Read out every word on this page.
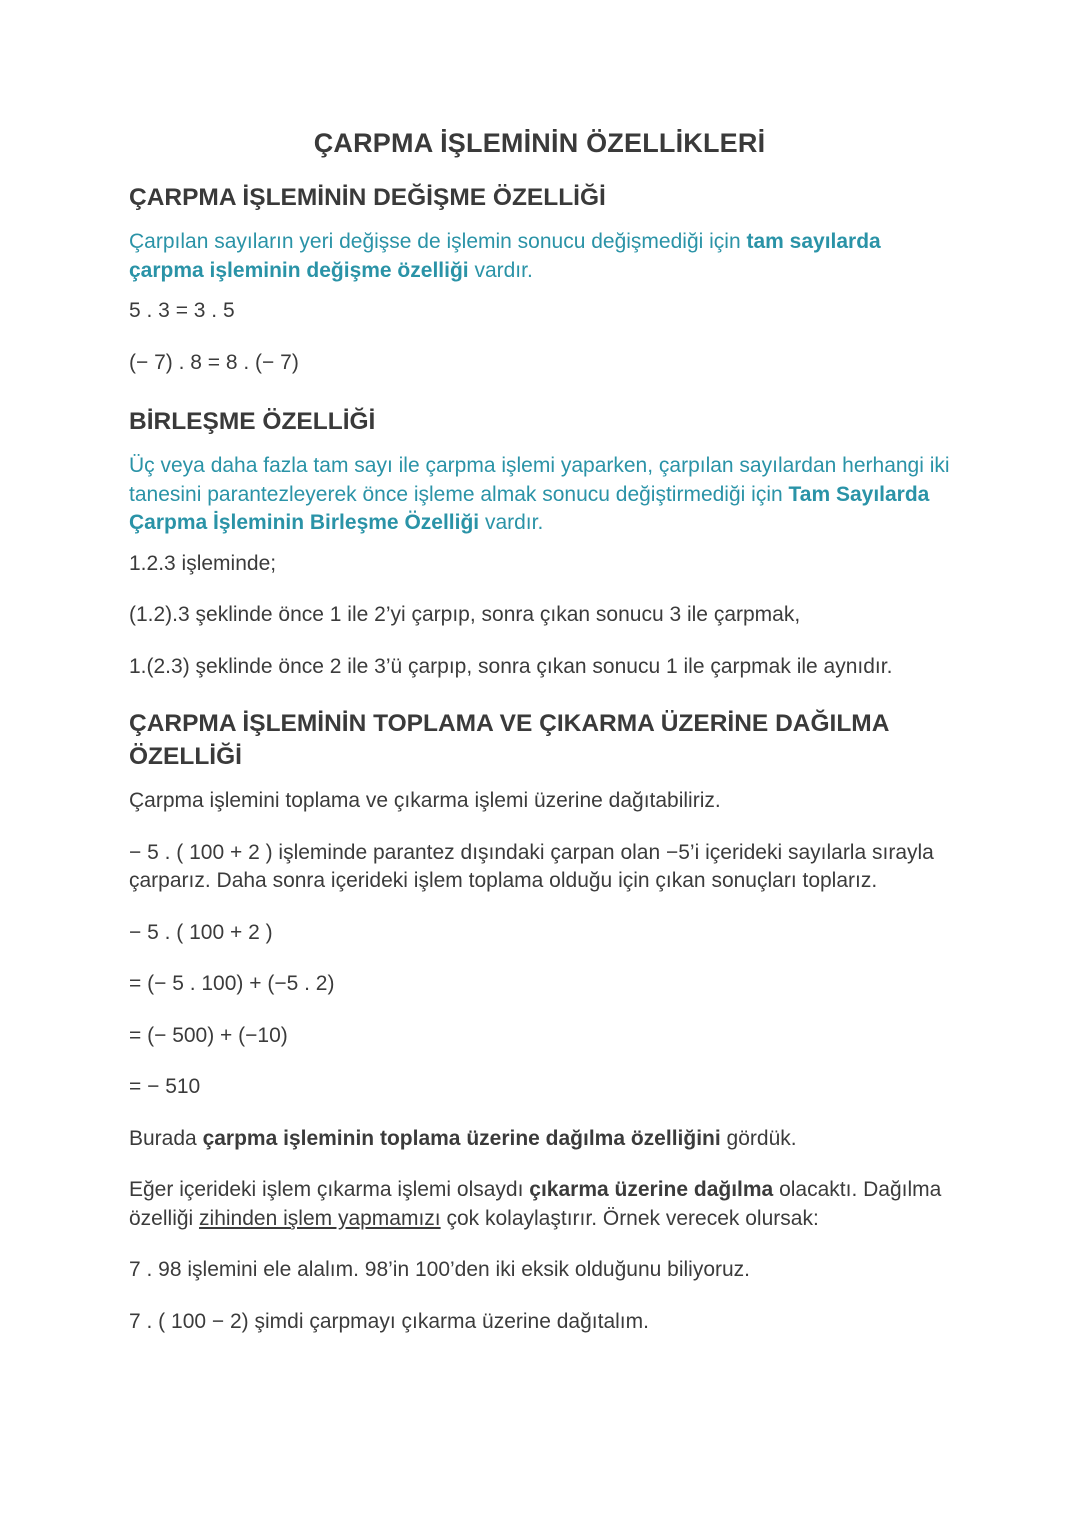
ÇARPMA İŞLEMİNİN ÖZELLİKLERİ
ÇARPMA İŞLEMİNİN DEĞİŞME ÖZELLİĞİ

Çarpılan sayıların yeri değişse de işlemin sonucu değişmediği için tam sayılarda çarpma işleminin değişme özelliği vardır.

5 . 3 = 3 . 5

(− 7) . 8 = 8 . (− 7)

BİRLEŞME ÖZELLİĞİ

Üç veya daha fazla tam sayı ile çarpma işlemi yaparken, çarpılan sayılardan herhangi iki tanesini parantezleyerek önce işleme almak sonucu değiştirmediği için Tam Sayılarda Çarpma İşleminin Birleşme Özelliği vardır.

1.2.3 işleminde;

(1.2).3 şeklinde önce 1 ile 2’yi çarpıp, sonra çıkan sonucu 3 ile çarpmak,

1.(2.3) şeklinde önce 2 ile 3’ü çarpıp, sonra çıkan sonucu 1 ile çarpmak ile aynıdır.

ÇARPMA İŞLEMİNİN TOPLAMA VE ÇIKARMA ÜZERİNE DAĞILMA ÖZELLİĞİ

Çarpma işlemini toplama ve çıkarma işlemi üzerine dağıtabiliriz.

− 5 . ( 100 + 2 ) işleminde parantez dışındaki çarpan olan −5’i içerideki sayılarla sırayla çarparız. Daha sonra içerideki işlem toplama olduğu için çıkan sonuçları toplarız.

− 5 . ( 100 + 2 )

= (− 5 . 100) + (−5 . 2)

= (− 500) + (−10)

= − 510

Burada çarpma işleminin toplama üzerine dağılma özelliğini gördük.

Eğer içerideki işlem çıkarma işlemi olsaydı çıkarma üzerine dağılma olacaktı. Dağılma özelliği zihinden işlem yapmamızı çok kolaylaştırır. Örnek verecek olursak:

7 . 98 işlemini ele alalım. 98’in 100’den iki eksik olduğunu biliyoruz.

7 . ( 100 − 2) şimdi çarpmayı çıkarma üzerine dağıtalım.
